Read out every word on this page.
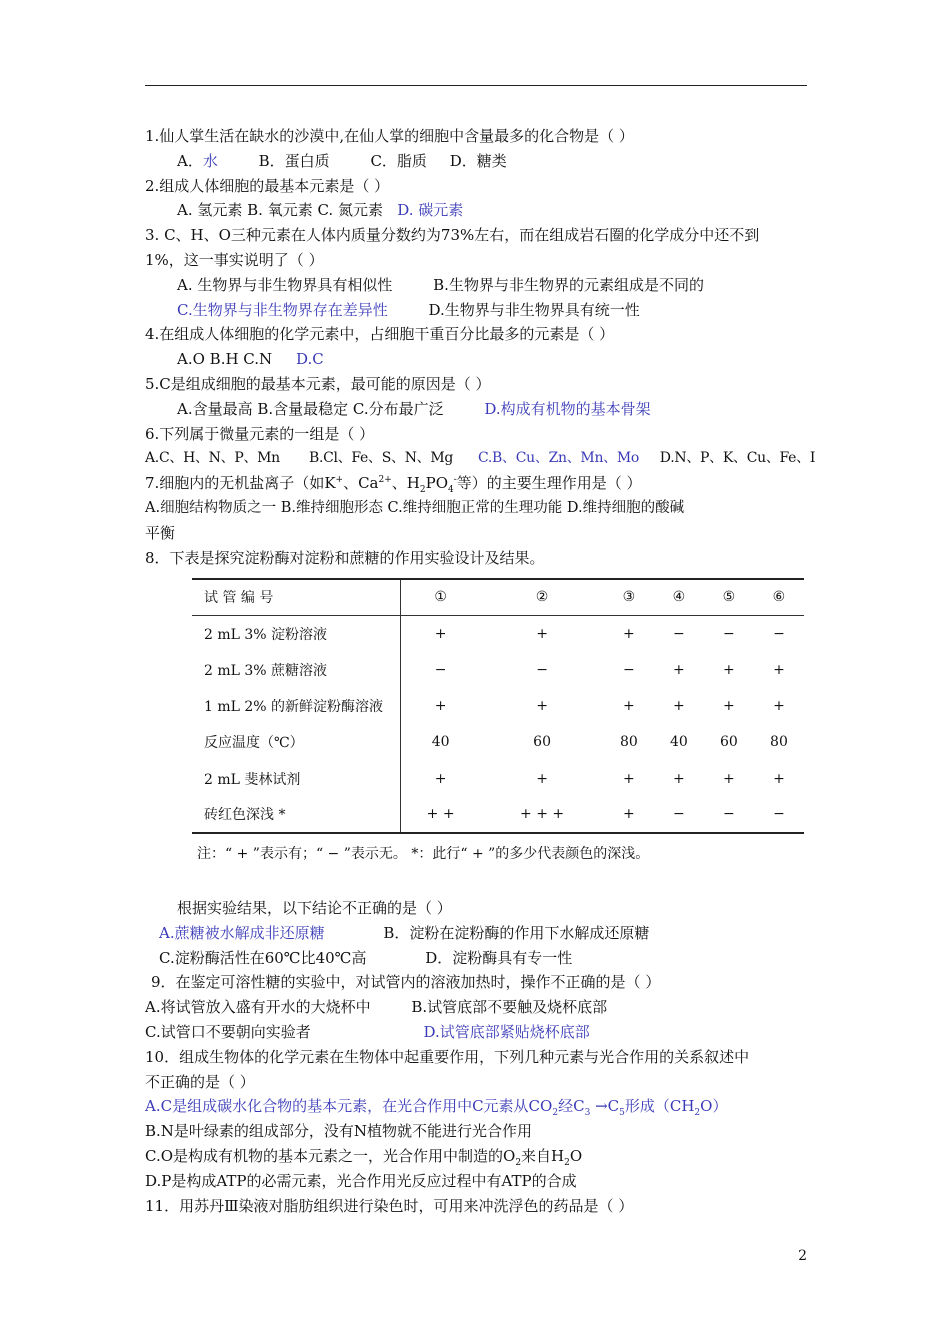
1.仙人掌生活在缺水的沙漠中,在仙人掌的细胞中含量最多的化合物是（ ）
A．水	B．蛋白质	C．脂质 D．糖类
2.组成人体细胞的最基本元素是（ ）
A. 氢元素 B. 氧元素 C. 氮元素 D. 碳元素
3. C、H、O三种元素在人体内质量分数约为73%左右，而在组成岩石圈的化学成分中还不到
1%，这一事实说明了（ ）
A. 生物界与非生物界具有相似性	B.生物界与非生物界的元素组成是不同的
C.生物界与非生物界存在差异性	D.生物界与非生物界具有统一性
4.在组成人体细胞的化学元素中，占细胞干重百分比最多的元素是（ ）
A.O B.H C.N D.C
5.C是组成细胞的最基本元素，最可能的原因是（ ）
A.含量最高 B.含量最稳定 C.分布最广泛	D.构成有机物的基本骨架
6.下列属于微量元素的一组是（ ）
A.C、H、N、P、Mn B.Cl、Fe、S、N、Mg C.B、Cu、Zn、Mn、Mo D.N、P、K、Cu、Fe、I
7.细胞内的无机盐离子（如K+、$Ca^{2+}$、$H_2PO_4^-$等）的主要生理作用是（ ）
A.细胞结构物质之一 B.维持细胞形态 C.维持细胞正常的生理功能 D.维持细胞的酸碱
平衡
8．下表是探究淀粉酶对淀粉和蔗糖的作用实验设计及结果。
试 管 编 号	①	②	③	④	⑤	⑥
2 mL 3% 淀粉溶液	+	+	+	−	−	−
2 mL 3% 蔗糖溶液	−	−	−	+	+	+
1 mL 2% 的新鲜淀粉酶溶液	+	+	+	+	+	+
反应温度（℃）	40	60	80	40	60	80
2 mL 斐林试剂	+	+	+	+	+	+
砖红色深浅 *	+ +	+ + +	+	−	−	−
注：“ + ”表示有；“ − ”表示无。 *：此行“ + ”的多少代表颜色的深浅。
根据实验结果，以下结论不正确的是（ ）
A.蔗糖被水解成非还原糖	B．淀粉在淀粉酶的作用下水解成还原糖
C.淀粉酶活性在60℃比40℃高	D．淀粉酶具有专一性
9．在鉴定可溶性糖的实验中，对试管内的溶液加热时，操作不正确的是（ ）
A.将试管放入盛有开水的大烧杯中	B.试管底部不要触及烧杯底部
C.试管口不要朝向实验者	D.试管底部紧贴烧杯底部
10．组成生物体的化学元素在生物体中起重要作用，下列几种元素与光合作用的关系叙述中
不正确的是（ ）
A.C是组成碳水化合物的基本元素，在光合作用中C元素从$CO_2$经$C_3 \to C_5$形成$(CH_2O)$
B.N是叶绿素的组成部分，没有N植物就不能进行光合作用
C.O是构成有机物的基本元素之一，光合作用中制造的$O_2$来自$H_2O$
D.P是构成ATP的必需元素，光合作用光反应过程中有ATP的合成
11．用苏丹Ⅲ染液对脂肪组织进行染色时，可用来冲洗浮色的药品是（ ）
2
